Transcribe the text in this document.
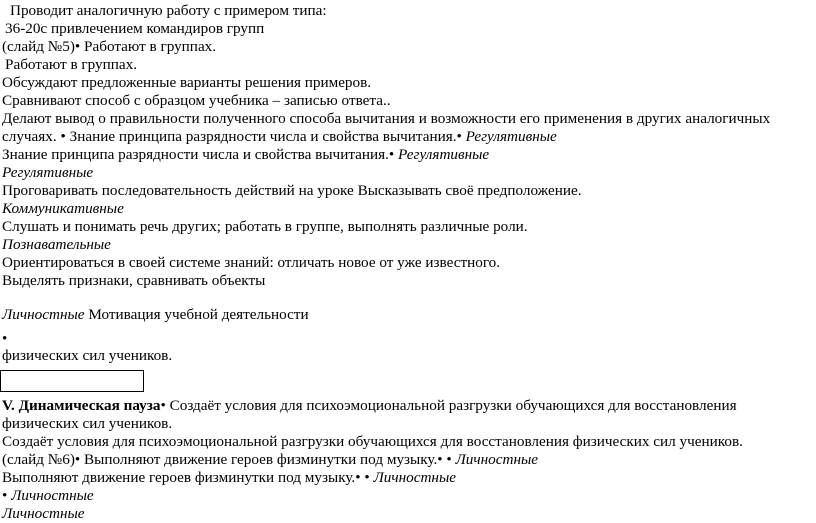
Проводит аналогичную работу с примером типа:
36-20с привлечением командиров групп
(слайд №5)• Работают в группах.
Работают в группах.
Обсуждают предложенные варианты решения примеров.
Сравнивают способ с образцом учебника – записью ответа..
Делают вывод о правильности полученного способа вычитания и возможности его применения в других аналогичных
случаях. • Знание принципа разрядности числа и свойства вычитания.• Регулятивные
Знание принципа разрядности числа и свойства вычитания.• Регулятивные
Регулятивные
Проговаривать последовательность действий на уроке Высказывать своё предположение.
Коммуникативные
Слушать и понимать речь других; работать в группе, выполнять различные роли.
Познавательные
Ориентироваться в своей системе знаний: отличать новое от уже известного.
Выделять признаки, сравнивать объекты
Личностные Мотивация учебной деятельности
•
физических сил учеников.
V. Динамическая пауза• Создаёт условия для психоэмоциональной разгрузки обучающихся для восстановления
физических сил учеников.
Создаёт условия для психоэмоциональной разгрузки обучающихся для восстановления физических сил учеников.
(слайд №6)• Выполняют движение героев физминутки под музыку.• • Личностные
Выполняют движение героев физминутки под музыку.• • Личностные
• Личностные
Личностные
